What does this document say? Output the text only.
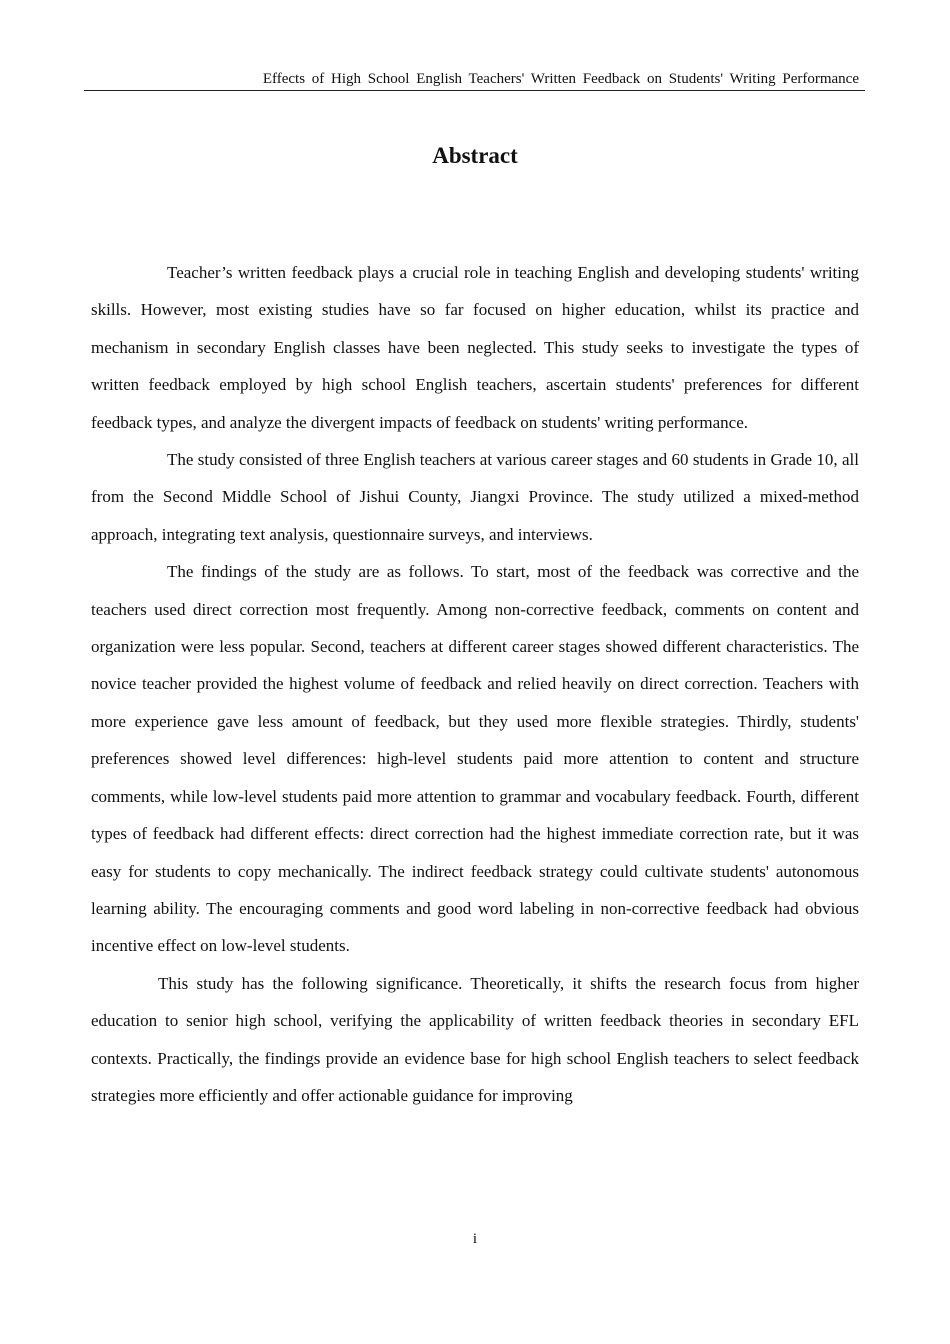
Effects of High School English Teachers' Written Feedback on Students' Writing Performance
Abstract

Teacher’s written feedback plays a crucial role in teaching English and developing students' writing skills. However, most existing studies have so far focused on higher education, whilst its practice and mechanism in secondary English classes have been neglected. This study seeks to investigate the types of written feedback employed by high school English teachers, ascertain students' preferences for different feedback types, and analyze the divergent impacts of feedback on students' writing performance.

The study consisted of three English teachers at various career stages and 60 students in Grade 10, all from the Second Middle School of Jishui County, Jiangxi Province. The study utilized a mixed-method approach, integrating text analysis, questionnaire surveys, and interviews.

The findings of the study are as follows. To start, most of the feedback was corrective and the teachers used direct correction most frequently. Among non-corrective feedback, comments on content and organization were less popular. Second, teachers at different career stages showed different characteristics. The novice teacher provided the highest volume of feedback and relied heavily on direct correction. Teachers with more experience gave less amount of feedback, but they used more flexible strategies. Thirdly, students' preferences showed level differences: high-level students paid more attention to content and structure comments, while low-level students paid more attention to grammar and vocabulary feedback. Fourth, different types of feedback had different effects: direct correction had the highest immediate correction rate, but it was easy for students to copy mechanically. The indirect feedback strategy could cultivate students' autonomous learning ability. The encouraging comments and good word labeling in non-corrective feedback had obvious incentive effect on low-level students.

This study has the following significance. Theoretically, it shifts the research focus from higher education to senior high school, verifying the applicability of written feedback theories in secondary EFL contexts. Practically, the findings provide an evidence base for high school English teachers to select feedback strategies more efficiently and offer actionable guidance for improving

i
